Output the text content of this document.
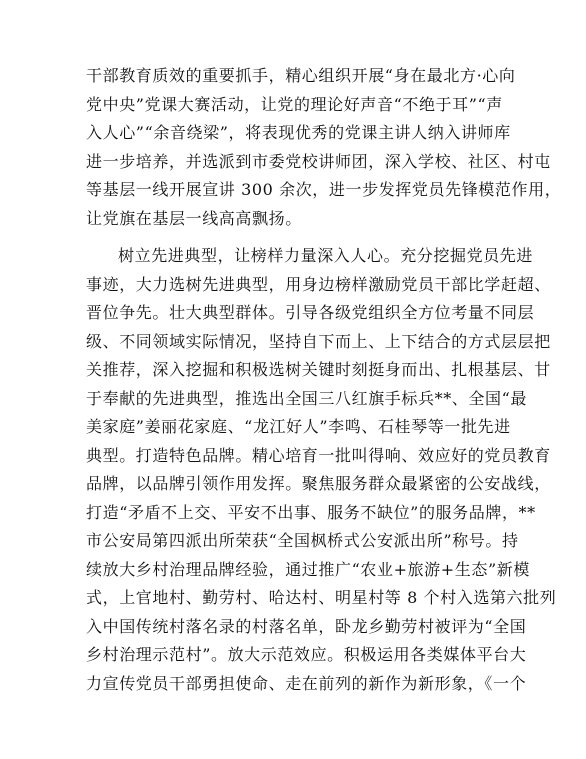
干部教育质效的重要抓手，精心组织开展“身在最北方·心向
党中央”党课大赛活动，让党的理论好声音“不绝于耳”“声
入人心”“余音绕梁”，将表现优秀的党课主讲人纳入讲师库
进一步培养，并选派到市委党校讲师团，深入学校、社区、村屯
等基层一线开展宣讲 300 余次，进一步发挥党员先锋模范作用，
让党旗在基层一线高高飘扬。
树立先进典型，让榜样力量深入人心。充分挖掘党员先进
事迹，大力选树先进典型，用身边榜样激励党员干部比学赶超、
晋位争先。壮大典型群体。引导各级党组织全方位考量不同层
级、不同领域实际情况，坚持自下而上、上下结合的方式层层把
关推荐，深入挖掘和积极选树关键时刻挺身而出、扎根基层、甘
于奉献的先进典型，推选出全国三八红旗手标兵**、全国“最
美家庭”姜丽花家庭、“龙江好人”李鸣、石桂琴等一批先进
典型。打造特色品牌。精心培育一批叫得响、效应好的党员教育
品牌，以品牌引领作用发挥。聚焦服务群众最紧密的公安战线，
打造“矛盾不上交、平安不出事、服务不缺位”的服务品牌，**
市公安局第四派出所荣获“全国枫桥式公安派出所”称号。持
续放大乡村治理品牌经验，通过推广“农业+旅游+生态”新模
式，上官地村、勤劳村、哈达村、明星村等 8 个村入选第六批列
入中国传统村落名录的村落名单，卧龙乡勤劳村被评为“全国
乡村治理示范村”。放大示范效应。积极运用各类媒体平台大
力宣传党员干部勇担使命、走在前列的新作为新形象，《一个
